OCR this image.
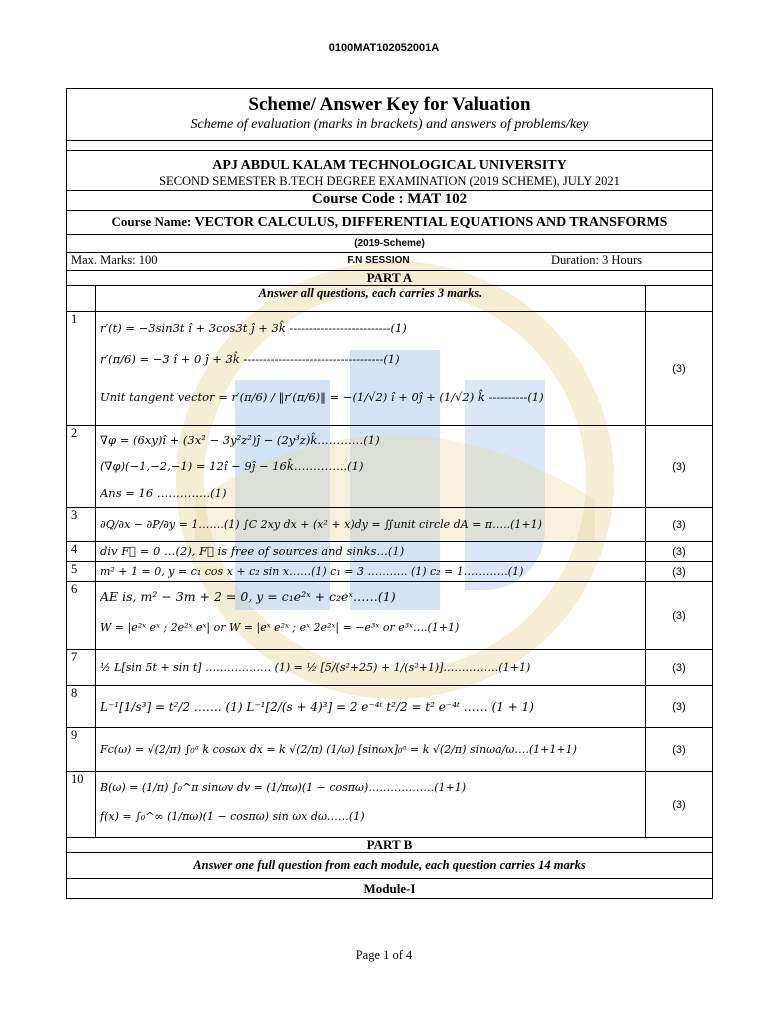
0100MAT102052001A
Scheme/ Answer Key for Valuation
Scheme of evaluation (marks in brackets) and answers of problems/key		

APJ ABDUL KALAM TECHNOLOGICAL UNIVERSITY
SECOND SEMESTER B.TECH DEGREE EXAMINATION (2019 SCHEME), JULY 2021		

Course Code : MAT 102		
Course Name: VECTOR CALCULUS, DIFFERENTIAL EQUATIONS AND TRANSFORMS		
(2019-Scheme)		

Max. Marks: 100 F.N SESSION Duration: 3 Hours		

PART A		
	Answer all questions, each carries 3 marks.	
1	r′(t) = −3sin3t î + 3cos3t ĵ + 3k̂ --------------------------(1)
r′(π/6) = −3 î + 0 ĵ + 3k̂ ------------------------------------(1)
Unit tangent vector = r′(π/6) / ‖r′(π/6)‖ = −(1/√2) î + 0ĵ + (1/√2) k̂ ----------(1)	(3)
2	∇φ = (6xy)î + (3x² − 3y²z²)ĵ − (2y³z)k̂…………(1)
(∇φ)(−1,−2,−1) = 12î − 9ĵ − 16k̂…………..(1)
Ans = 16 …………..(1)	(3)
3	∂Q/∂x − ∂P/∂y = 1…….(1) ∫C 2xy dx + (x² + x)dy = ∬unit circle dA = π…..(1+1)	(3)
4	div F⃗ = 0 …(2), F⃗ is free of sources and sinks…(1)	(3)
5	m² + 1 = 0, y = c₁ cos x + c₂ sin x……(1) c₁ = 3 ……….. (1) c₂ = 1…………(1)	(3)
6	AE is, m² − 3m + 2 = 0, y = c₁e²ˣ + c₂eˣ……(1)
W = |e²ˣ eˣ ; 2e²ˣ eˣ| or W = |eˣ e²ˣ ; eˣ 2e²ˣ| = −e³ˣ or e³ˣ….(1+1)	(3)
7	½ L[sin 5t + sin t] ……………… (1) = ½ [5/(s²+25) + 1/(s²+1)]……………(1+1)	(3)
8	L⁻¹[1/s³] = t²/2 ……. (1) L⁻¹[2/(s + 4)³] = 2 e⁻⁴ᵗ t²/2 = t² e⁻⁴ᵗ …… (1 + 1)	(3)
9	Fc(ω) = √(2/π) ∫₀ᵃ k cosωx dx = k √(2/π) (1/ω) [sinωx]₀ᵃ = k √(2/π) sinωa/ω….(1+1+1)	(3)
10	B(ω) = (1/π) ∫₀^π sinωv dv = (1/πω)(1 − cosπω)………………(1+1)
f(x) = ∫₀^∞ (1/πω)(1 − cosπω) sin ωx dω……(1)	(3)
PART B		
Answer one full question from each module, each question carries 14 marks		
Module-I		
Page 1 of 4
